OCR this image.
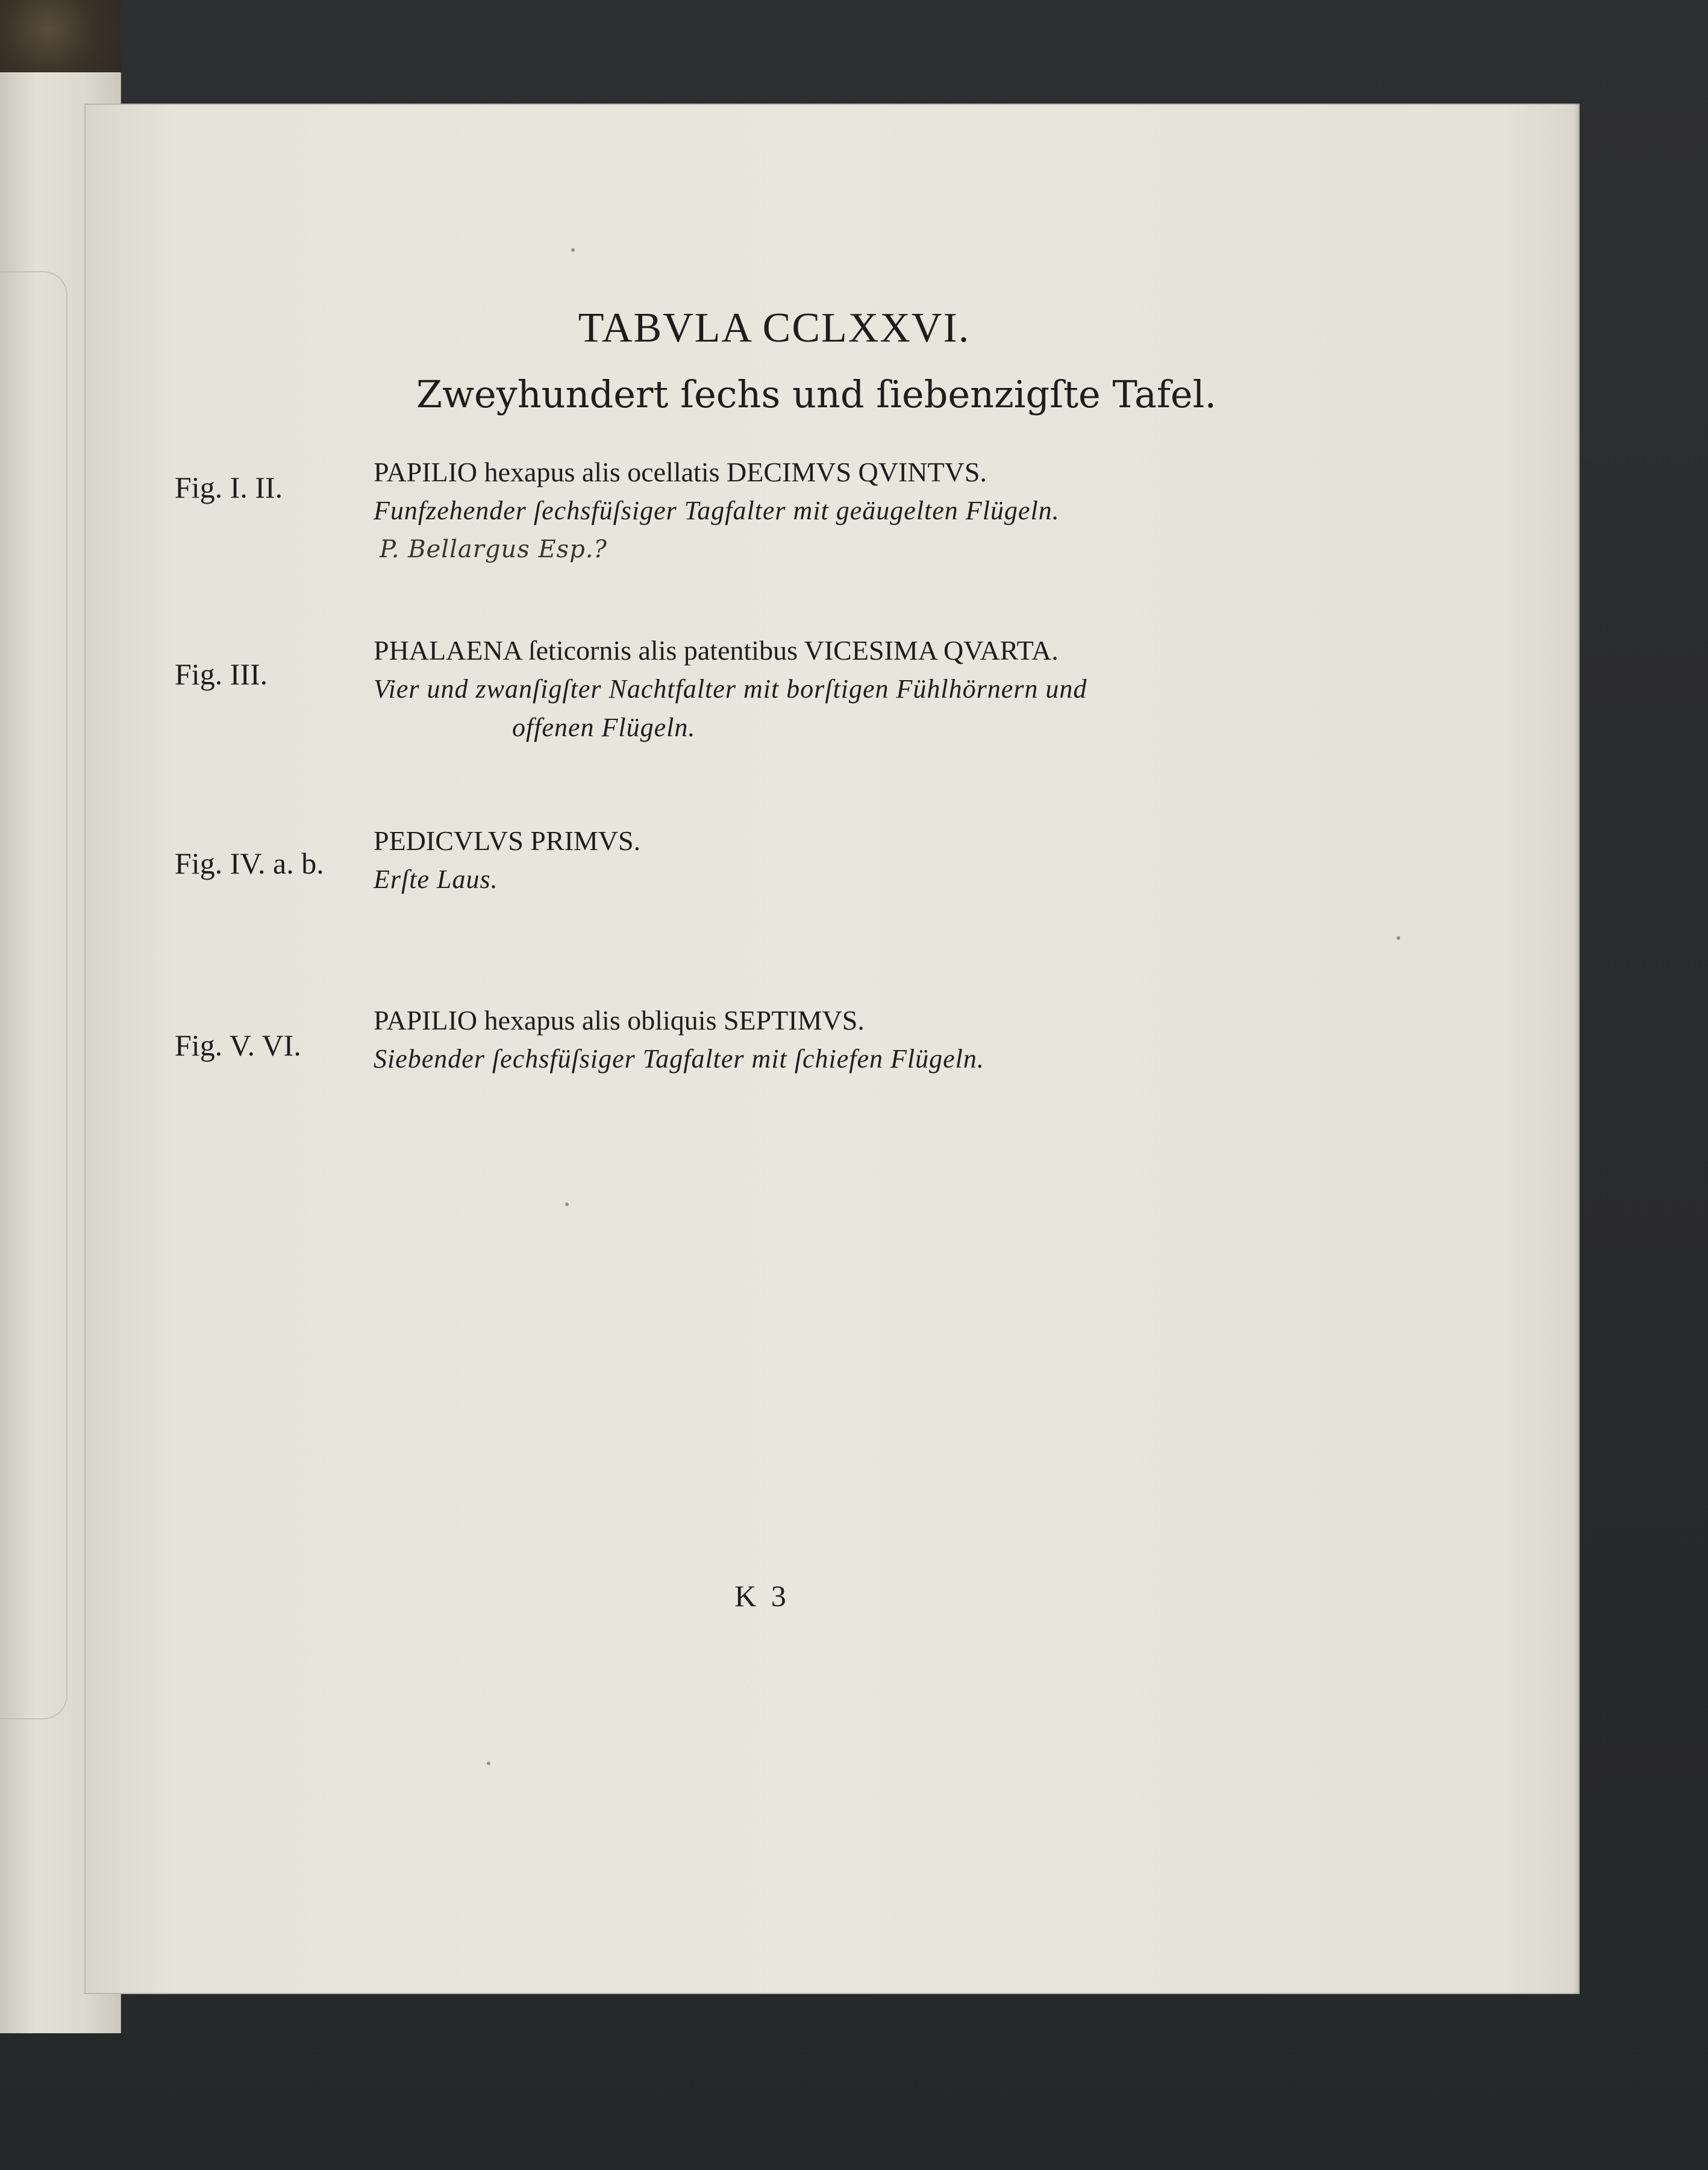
TABVLA CCLXXVI.
Zweyhundert ſechs und ſiebenzigſte Tafel.
Fig. I. II.	PAPILIO hexapus alis ocellatis DECIMVS QVINTVS.
Funfzehender ſechsfüſsiger Tagfalter mit geäugelten Flügeln.
P. Bellargus Esp.?
Fig. III.
PHALAENA ſeticornis alis patentibus VICESIMA QVARTA.
Vier und zwanſigſter Nachtfalter mit borſtigen Fühlhörnern und
offenen Flügeln.
Fig. IV. a. b.
PEDICVLVS PRIMVS.
Erſte Laus.
Fig. V. VI.
PAPILIO hexapus alis obliquis SEPTIMVS.
Siebender ſechsfüſsiger Tagfalter mit ſchiefen Flügeln.
K 3
